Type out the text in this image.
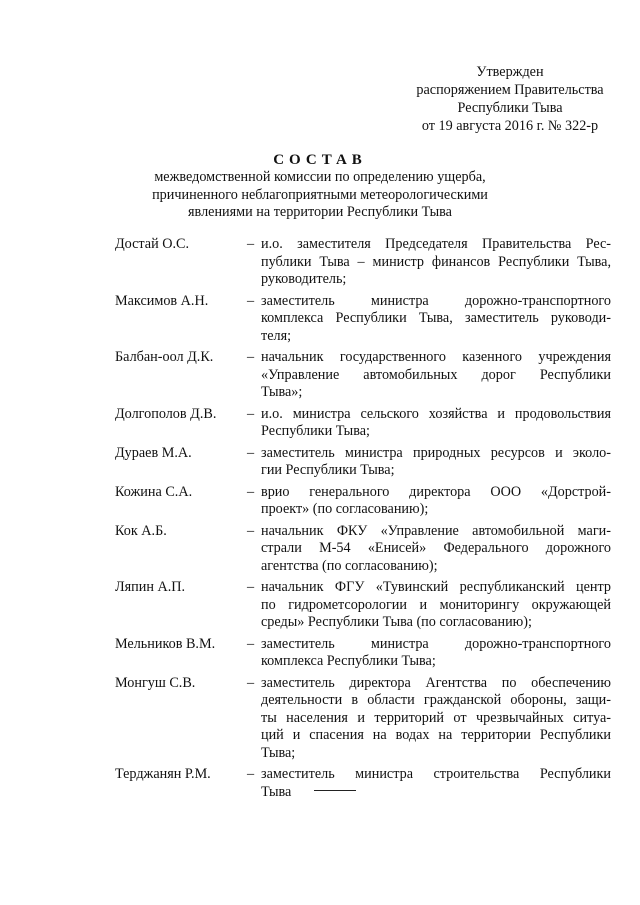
Утвержден
распоряжением Правительства
Республики Тыва
от 19 августа 2016 г. № 322-р
СОСТАВ
межведомственной комиссии по определению ущерба,
причиненного неблагоприятными метеорологическими
явлениями на территории Республики Тыва
Достай О.С.	– и.о. заместителя Председателя Правительства Рес-
публики Тыва – министр финансов Республики Тыва,
руководитель;
Максимов А.Н.	– заместитель министра дорожно-транспортного
комплекса Республики Тыва, заместитель руководи-
теля;
Балбан-оол Д.К.	– начальник государственного казенного учреждения
«Управление автомобильных дорог Республики
Тыва»;
Долгополов Д.В.	– и.о. министра сельского хозяйства и продовольствия
Республики Тыва;
Дураев М.А.	– заместитель министра природных ресурсов и эколо-
гии Республики Тыва;
Кожина С.А.	– врио генерального директора ООО «Дорстрой-
проект» (по согласованию);
Кок А.Б.	– начальник ФКУ «Управление автомобильной маги-
страли М-54 «Енисей» Федерального дорожного
агентства (по согласованию);
Ляпин А.П.	– начальник ФГУ «Тувинский республиканский центр
по гидрометсорологии и мониторингу окружающей
среды» Республики Тыва (по согласованию);
Мельников В.М.	– заместитель министра дорожно-транспортного
комплекса Республики Тыва;
Монгуш С.В.	– заместитель директора Агентства по обеспечению
деятельности в области гражданской обороны, защи-
ты населения и территорий от чрезвычайных ситуа-
ций и спасения на водах на территории Республики
Тыва;
Терджанян Р.М.	– заместитель министра строительства Республики
Тыва
